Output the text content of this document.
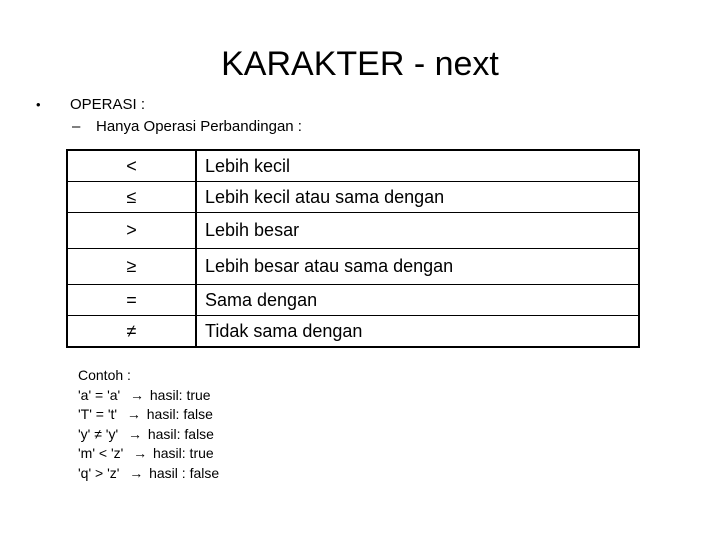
KARAKTER - next
•	OPERASI :
–	Hanya Operasi Perbandingan :
<	Lebih kecil
≤	Lebih kecil atau sama dengan
>	Lebih besar
≥	Lebih besar atau sama dengan
=	Sama dengan
≠	Tidak sama dengan
Contoh :
'a' = 'a' → hasil: true
'T' = 't' → hasil: false
'y' ≠ 'y' → hasil: false
'm' < 'z' → hasil: true
'q' > 'z' → hasil : false
